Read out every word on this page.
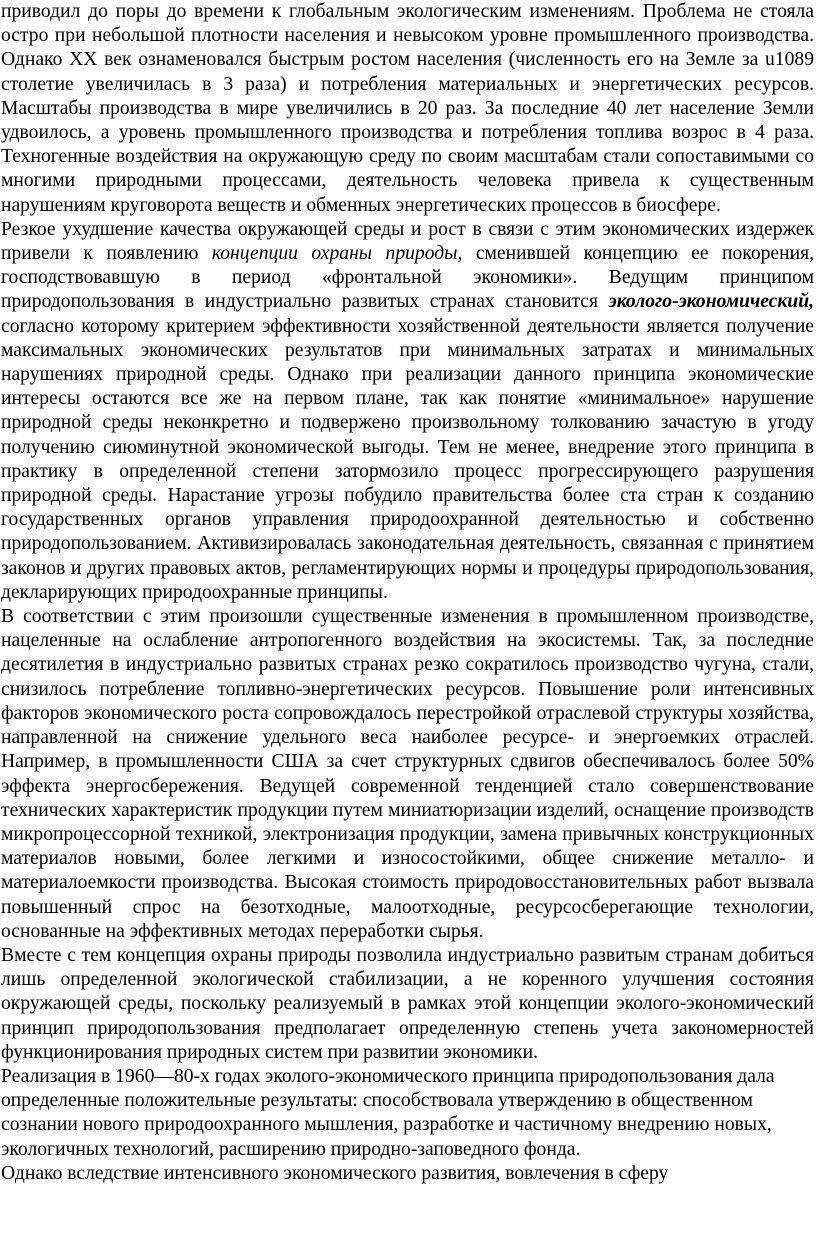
приводил до поры до времени к глобальным экологическим изменениям. Проблема не стояла остро при небольшой плотности населения и невысоком уровне промышленного производства. Однако XX век ознаменовался быстрым ростом населения (численность его на Земле за u1089 столетие увеличилась в 3 раза) и потребления материальных и энергетических ресурсов. Масштабы производства в мире увеличились в 20 раз. За последние 40 лет население Земли удвоилось, а уровень промышленного производства и потребления топлива возрос в 4 раза. Техногенные воздействия на окружающую среду по своим масштабам стали сопоставимыми со многими природными процессами, деятельность человека привела к существенным нарушениям круговорота веществ и обменных энергетических процессов в биосфере.

Резкое ухудшение качества окружающей среды и рост в связи с этим экономических издержек привели к появлению концепции охраны природы, сменившей концепцию ее покорения, господствовавшую в период «фронтальной экономики». Ведущим принципом природопользования в индустриально развитых странах становится эколого-экономический, согласно которому критерием эффективности хозяйственной деятельности является получение максимальных экономических результатов при минимальных затратах и минимальных нарушениях природной среды. Однако при реализации данного принципа экономические интересы остаются все же на первом плане, так как понятие «минимальное» нарушение природной среды неконкретно и подвержено произвольному толкованию зачастую в угоду получению сиюминутной экономической выгоды. Тем не менее, внедрение этого принципа в практику в определенной степени затормозило процесс прогрессирующего разрушения природной среды. Нарастание угрозы побудило правительства более ста стран к созданию государственных органов управления природоохранной деятельностью и собственно природопользованием. Активизировалась законодательная деятельность, связанная с принятием законов и других правовых актов, регламентирующих нормы и процедуры природопользования, декларирующих природоохранные принципы.

В соответствии с этим произошли существенные изменения в промышленном производстве, нацеленные на ослабление антропогенного воздействия на экосистемы. Так, за последние десятилетия в индустриально развитых странах резко сократилось производство чугуна, стали, снизилось потребление топливно-энергетических ресурсов. Повышение роли интенсивных факторов экономического роста сопровождалось перестройкой отраслевой структуры хозяйства, направленной на снижение удельного веса наиболее ресурсе- и энергоемких отраслей. Например, в промышленности США за счет структурных сдвигов обеспечивалось более 50% эффекта энергосбережения. Ведущей современной тенденцией стало совершенствование технических характеристик продукции путем миниатюризации изделий, оснащение производств микропроцессорной техникой, электронизация продукции, замена привычных конструкционных материалов новыми, более легкими и износостойкими, общее снижение металло- и материалоемкости производства. Высокая стоимость природовосстановительных работ вызвала повышенный спрос на безотходные, малоотходные, ресурсосберегающие технологии, основанные на эффективных методах переработки сырья.

Вместе с тем концепция охраны природы позволила индустриально развитым странам добиться лишь определенной экологической стабилизации, а не коренного улучшения состояния окружающей среды, поскольку реализуемый в рамках этой концепции эколого-экономический принцип природопользования предполагает определенную степень учета закономерностей функционирования природных систем при развитии экономики.

Реализация в 1960—80-х годах эколого-экономического принципа природопользования дала определенные положительные результаты: способствовала утверждению в общественном сознании нового природоохранного мышления, разработке и частичному внедрению новых, экологичных технологий, расширению природно-заповедного фонда.

Однако вследствие интенсивного экономического развития, вовлечения в сферу
